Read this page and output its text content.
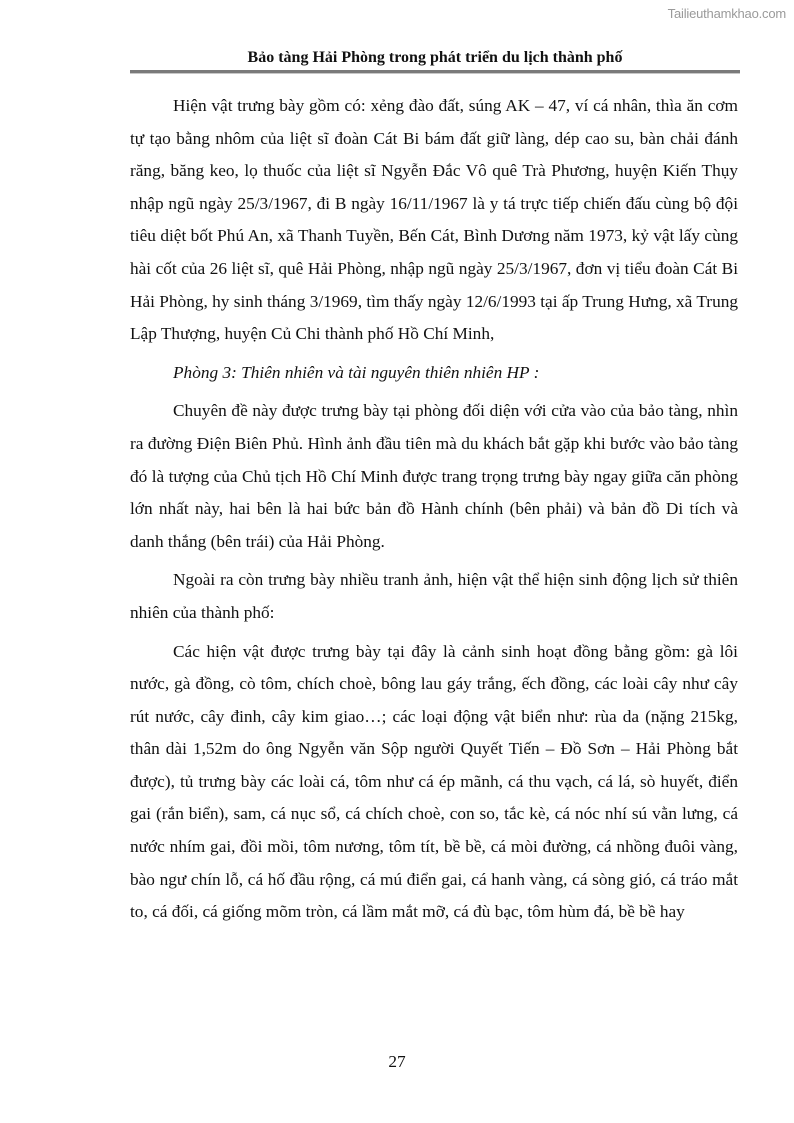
Tailieuthamkhao.com
Bảo tàng Hải Phòng trong phát triển du lịch thành phố

Hiện vật trưng bày gồm có: xẻng đào đất, súng AK – 47, ví cá nhân, thìa ăn cơm tự tạo bằng nhôm của liệt sĩ đoàn Cát Bi bám đất giữ làng, dép cao su, bàn chải đánh răng, băng keo, lọ thuốc của liệt sĩ Ngyễn Đắc Vô quê Trà Phương, huyện Kiến Thụy nhập ngũ ngày 25/3/1967, đi B ngày 16/11/1967 là y tá trực tiếp chiến đấu cùng bộ đội tiêu diệt bốt Phú An, xã Thanh Tuyền, Bến Cát, Bình Dương năm 1973, kỷ vật lấy cùng hài cốt của 26 liệt sĩ, quê Hải Phòng, nhập ngũ ngày 25/3/1967, đơn vị tiểu đoàn Cát Bi Hải Phòng, hy sinh tháng 3/1969, tìm thấy ngày 12/6/1993 tại ấp Trung Hưng, xã Trung Lập Thượng, huyện Củ Chi thành phố Hồ Chí Minh,

Phòng 3: Thiên nhiên và tài nguyên thiên nhiên HP :

Chuyên đề này được trưng bày tại phòng đối diện với cửa vào của bảo tàng, nhìn ra đường Điện Biên Phủ. Hình ảnh đầu tiên mà du khách bắt gặp khi bước vào bảo tàng đó là tượng của Chủ tịch Hồ Chí Minh được trang trọng trưng bày ngay giữa căn phòng lớn nhất này, hai bên là hai bức bản đồ Hành chính (bên phải) và bản đồ Di tích và danh thắng (bên trái) của Hải Phòng.

Ngoài ra còn trưng bày nhiều tranh ảnh, hiện vật thể hiện sinh động lịch sử thiên nhiên của thành phố:

Các hiện vật được trưng bày tại đây là cảnh sinh hoạt đồng bằng gồm: gà lôi nước, gà đồng, cò tôm, chích choè, bông lau gáy trắng, ếch đồng, các loài cây như cây rút nước, cây đinh, cây kim giao…; các loại động vật biển như: rùa da (nặng 215kg, thân dài 1,52m do ông Ngyễn văn Sộp người Quyết Tiến – Đồ Sơn – Hải Phòng bắt được), tủ trưng bày các loài cá, tôm như cá ép mãnh, cá thu vạch, cá lá, sò huyết, điển gai (rắn biển), sam, cá nục sổ, cá chích choè, con so, tắc kè, cá nóc nhí sú vằn lưng, cá nước nhím gai, đồi mồi, tôm nương, tôm tít, bề bề, cá mòi đường, cá nhồng đuôi vàng, bào ngư chín lỗ, cá hố đầu rộng, cá mú điển gai, cá hanh vàng, cá sòng gió, cá tráo mắt to, cá đối, cá giống mõm tròn, cá lầm mắt mỡ, cá đù bạc, tôm hùm đá, bề bề hay

27
